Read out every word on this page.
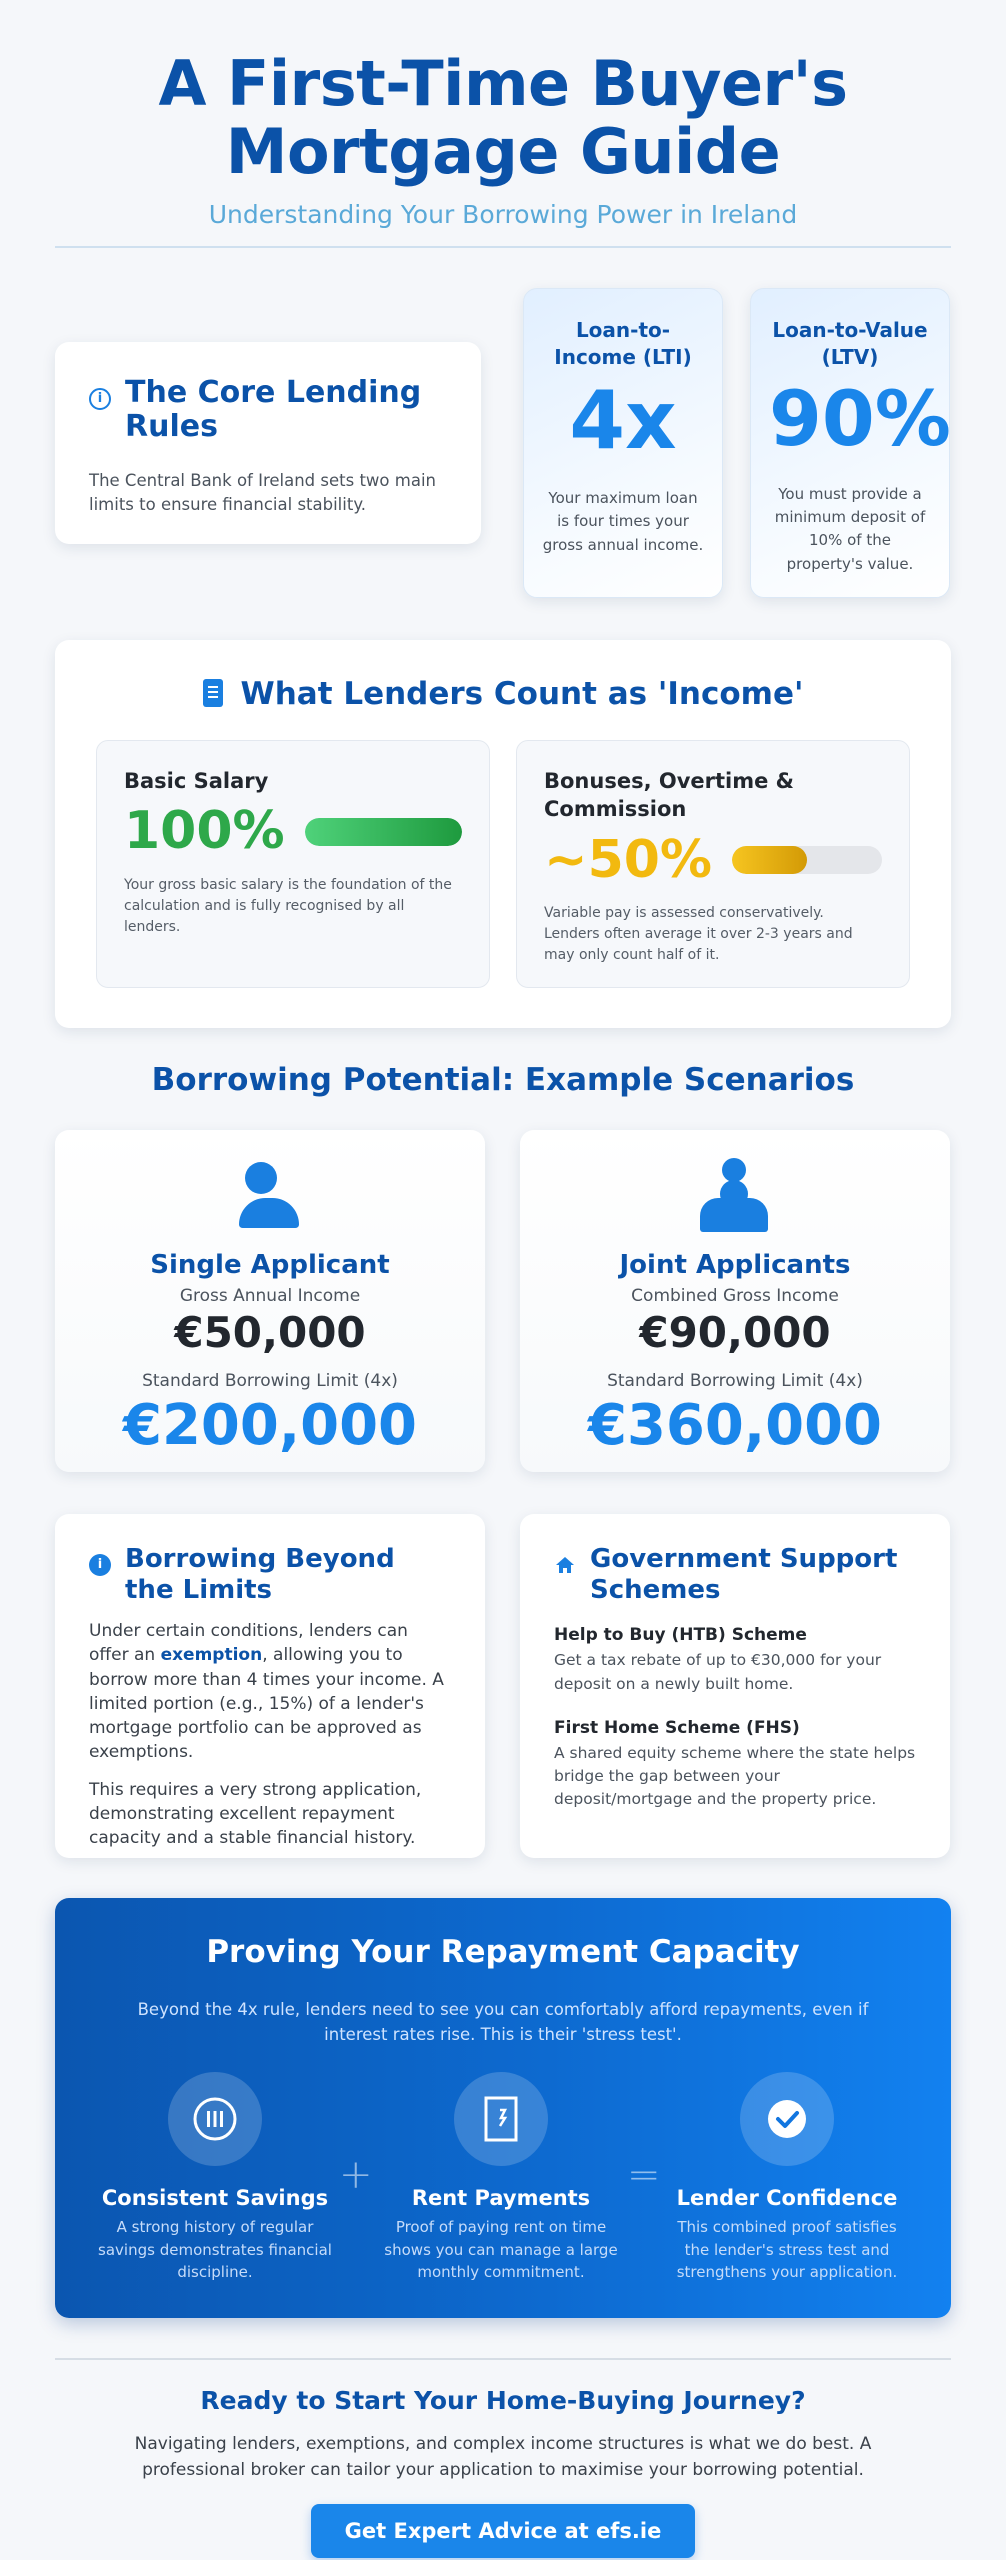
A First-Time Buyer's
Mortgage Guide
Understanding Your Borrowing Power in Ireland
i The Core Lending Rules

The Central Bank of Ireland sets two main limits to ensure financial stability.

Loan-to-Income (LTI)
4x
Your maximum loan is four times your gross annual income.
Loan-to-Value (LTV)
90%
You must provide a minimum deposit of 10% of the property's value.
What Lenders Count as 'Income'
Basic Salary
100%
Your gross basic salary is the foundation of the calculation and is fully recognised by all lenders.
Bonuses, Overtime & Commission
~50%
Variable pay is assessed conservatively. Lenders often average it over 2-3 years and may only count half of it.
Borrowing Potential: Example Scenarios
Single Applicant
Gross Annual Income
€50,000
Standard Borrowing Limit (4x)
€200,000
Joint Applicants
Combined Gross Income
€90,000
Standard Borrowing Limit (4x)
€360,000
i Borrowing Beyond the Limits

Under certain conditions, lenders can offer an exemption, allowing you to borrow more than 4 times your income. A limited portion (e.g., 15%) of a lender's mortgage portfolio can be approved as exemptions.

This requires a very strong application, demonstrating excellent repayment capacity and a stable financial history.

Government Support Schemes
Help to Buy (HTB) Scheme
Get a tax rebate of up to €30,000 for your deposit on a newly built home.
First Home Scheme (FHS)
A shared equity scheme where the state helps bridge the gap between your deposit/mortgage and the property price.
Proving Your Repayment Capacity
Beyond the 4x rule, lenders need to see you can comfortably afford repayments, even if interest rates rise. This is their 'stress test'.
Consistent Savings
A strong history of regular savings demonstrates financial discipline.
+	Rent Payments
Proof of paying rent on time shows you can manage a large monthly commitment.
= Lender Confidence
This combined proof satisfies the lender's stress test and strengthens your application.
Ready to Start Your Home-Buying Journey?
Navigating lenders, exemptions, and complex income structures is what we do best. A professional broker can tailor your application to maximise your borrowing potential.
Get Expert Advice at efs.ie
